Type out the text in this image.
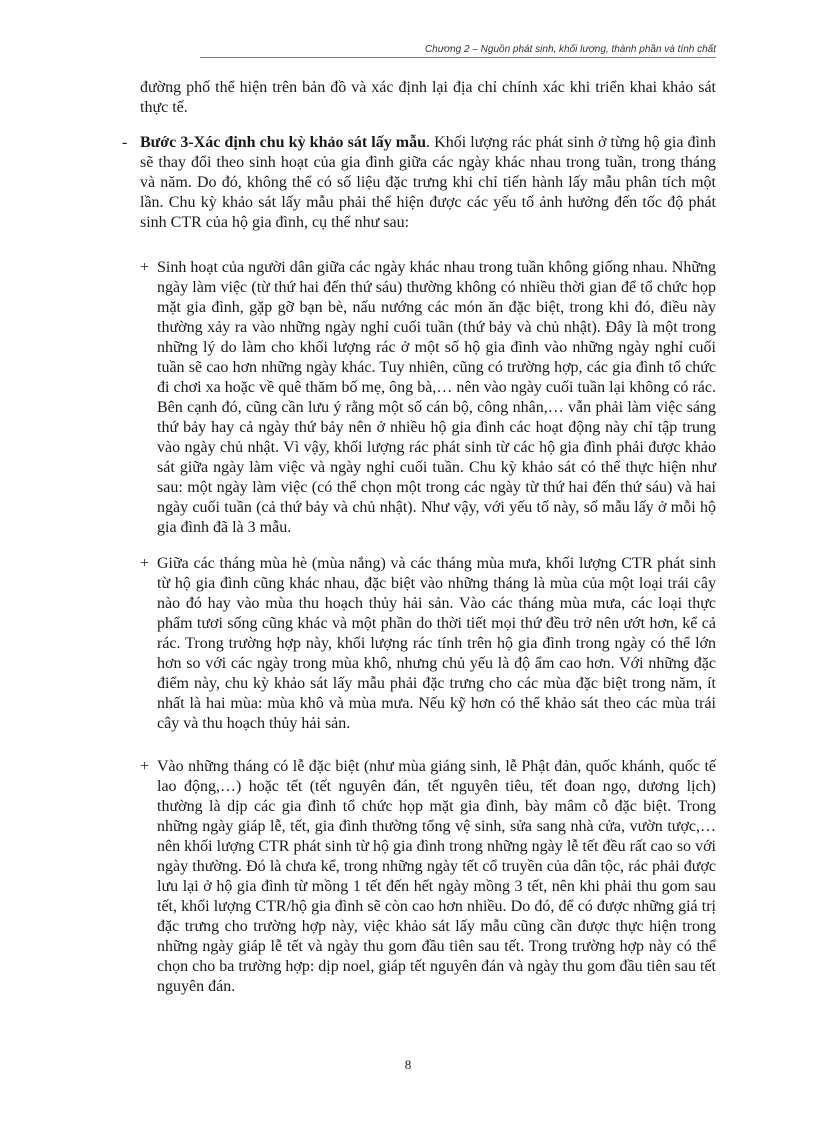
Chương 2 – Nguồn phát sinh, khối lượng, thành phần và tính chất
đường phố thể hiện trên bản đồ và xác định lại địa chỉ chính xác khi triển khai khảo sát thực tế.
- Bước 3-Xác định chu kỳ khảo sát lấy mẫu. Khối lượng rác phát sinh ở từng hộ gia đình sẽ thay đổi theo sinh hoạt của gia đình giữa các ngày khác nhau trong tuần, trong tháng và năm. Do đó, không thể có số liệu đặc trưng khi chỉ tiến hành lấy mẫu phân tích một lần. Chu kỳ khảo sát lấy mẫu phải thể hiện được các yếu tố ảnh hưởng đến tốc độ phát sinh CTR của hộ gia đình, cụ thể như sau:
+ Sinh hoạt của người dân giữa các ngày khác nhau trong tuần không giống nhau. Những ngày làm việc (từ thứ hai đến thứ sáu) thường không có nhiều thời gian để tổ chức họp mặt gia đình, gặp gỡ bạn bè, nấu nướng các món ăn đặc biệt, trong khi đó, điều này thường xảy ra vào những ngày nghỉ cuối tuần (thứ bảy và chủ nhật). Đây là một trong những lý do làm cho khối lượng rác ở một số hộ gia đình vào những ngày nghỉ cuối tuần sẽ cao hơn những ngày khác. Tuy nhiên, cũng có trường hợp, các gia đình tổ chức đi chơi xa hoặc về quê thăm bố mẹ, ông bà,… nên vào ngày cuối tuần lại không có rác. Bên cạnh đó, cũng cần lưu ý rằng một số cán bộ, công nhân,… vẫn phải làm việc sáng thứ bảy hay cả ngày thứ bảy nên ở nhiều hộ gia đình các hoạt động này chỉ tập trung vào ngày chủ nhật. Vì vậy, khối lượng rác phát sinh từ các hộ gia đình phải được khảo sát giữa ngày làm việc và ngày nghỉ cuối tuần. Chu kỳ khảo sát có thể thực hiện như sau: một ngày làm việc (có thể chọn một trong các ngày từ thứ hai đến thứ sáu) và hai ngày cuối tuần (cả thứ bảy và chủ nhật). Như vậy, với yếu tố này, số mẫu lấy ở mỗi hộ gia đình đã là 3 mẫu.
+ Giữa các tháng mùa hè (mùa nắng) và các tháng mùa mưa, khối lượng CTR phát sinh từ hộ gia đình cũng khác nhau, đặc biệt vào những tháng là mùa của một loại trái cây nào đó hay vào mùa thu hoạch thủy hải sản. Vào các tháng mùa mưa, các loại thực phẩm tươi sống cũng khác và một phần do thời tiết mọi thứ đều trở nên ướt hơn, kể cả rác. Trong trường hợp này, khối lượng rác tính trên hộ gia đình trong ngày có thể lớn hơn so với các ngày trong mùa khô, nhưng chủ yếu là độ ẩm cao hơn. Với những đặc điểm này, chu kỳ khảo sát lấy mẫu phải đặc trưng cho các mùa đặc biệt trong năm, ít nhất là hai mùa: mùa khô và mùa mưa. Nếu kỹ hơn có thể khảo sát theo các mùa trái cây và thu hoạch thủy hải sản.
+ Vào những tháng có lễ đặc biệt (như mùa giáng sinh, lễ Phật đản, quốc khánh, quốc tế lao động,…) hoặc tết (tết nguyên đán, tết nguyên tiêu, tết đoan ngọ, dương lịch) thường là dịp các gia đình tổ chức họp mặt gia đình, bày mâm cỗ đặc biệt. Trong những ngày giáp lễ, tết, gia đình thường tổng vệ sinh, sửa sang nhà cửa, vườn tược,… nên khối lượng CTR phát sinh từ hộ gia đình trong những ngày lễ tết đều rất cao so với ngày thường. Đó là chưa kể, trong những ngày tết cổ truyền của dân tộc, rác phải được lưu lại ở hộ gia đình từ mồng 1 tết đến hết ngày mồng 3 tết, nên khi phải thu gom sau tết, khối lượng CTR/hộ gia đình sẽ còn cao hơn nhiều. Do đó, để có được những giá trị đặc trưng cho trường hợp này, việc khảo sát lấy mẫu cũng cần được thực hiện trong những ngày giáp lễ tết và ngày thu gom đầu tiên sau tết. Trong trường hợp này có thể chọn cho ba trường hợp: dịp noel, giáp tết nguyên đán và ngày thu gom đầu tiên sau tết nguyên đán.
8
